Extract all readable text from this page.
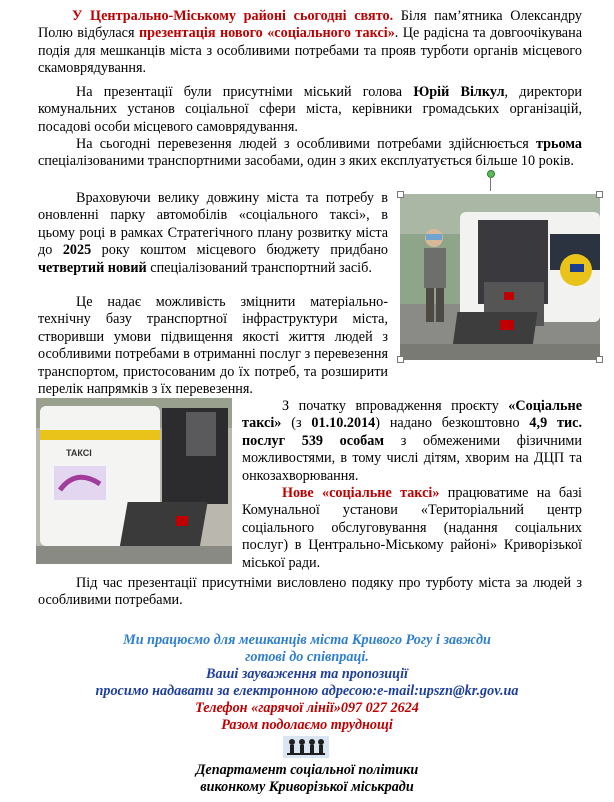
У Центрально-Міському районі сьогодні свято. Біля пам’ятника Олександру Полю відбулася презентація нового «соціального таксі». Це радісна та довгоочікувана подія для мешканців міста з особливими потребами та прояв турботи органів місцевого скамоврядування.

На презентації були присутніми міський голова Юрій Вілкул, директори комунальних установ соціальної сфери міста, керівники громадських організацій, посадові особи місцевого самоврядування.

На сьогодні перевезення людей з особливими потребами здійснюється трьома спеціалізованими транспортними засобами, один з яких експлуатується більше 10 років.

Враховуючи велику довжину міста та потребу в оновленні парку автомобілів «соціального таксі», в цьому році в рамках Стратегічного плану розвитку міста до 2025 року коштом місцевого бюджету придбано четвертий новий спеціалізований транспортний засіб.

Це надає можливість зміцнити матеріально-технічну базу транспортної інфраструктури міста, створивши умови підвищення якості життя людей з особливими потребами в отриманні послуг з перевезення транспортом, пристосованим до їх потреб, та розширити перелік напрямків з їх перевезення.

ТАКСІ

З початку впровадження проєкту «Соціальне таксі» (з 01.10.2014) надано безкоштовно 4,9 тис. послуг 539 особам з обмеженими фізичними можливостями, в тому числі дітям, хворим на ДЦП та онкозахворювання.

Нове «соціальне таксі» працюватиме на базі Комунальної установи «Територіальний центр соціального обслуговування (надання соціальних послуг) в Центрально-Міському районі» Криворізької міської ради.

Під час презентації присутніми висловлено подяку про турботу міста за людей з особливими потребами.

Ми працюємо для мешканців міста Кривого Рогу і завжди
готові до співпраці.
Ваші зауваження та пропозиції
просимо надавати за електронною адресою:e-mail:upszn@kr.gov.ua
Телефон «гарячої лінії»097 027 2624
Разом подолаємо труднощі
Департамент соціальної політики
виконкому Криворізької міськради
